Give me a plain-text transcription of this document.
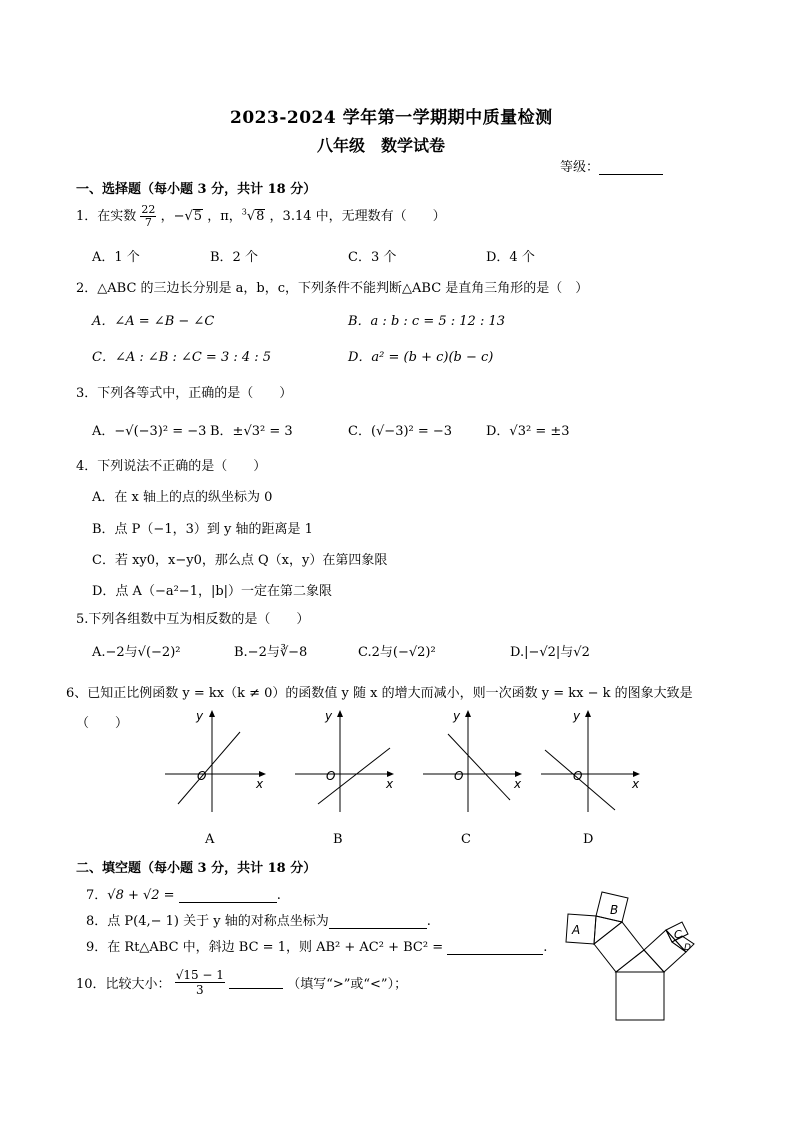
2023-2024 学年第一学期期中质量检测
八年级　数学试卷
等级：
一、选择题（每小题 3 分，共计 18 分）
1．在实数 $\frac{22}{7}$ ，−√5 ，π，$^3$√8 ，3.14 中，无理数有（　　）
A．1 个	B．2 个	C．3 个	D．4 个
2．△ABC 的三边长分别是 a，b，c，下列条件不能判断△ABC 是直角三角形的是（　）
A．∠A = ∠B − ∠C	B．a : b : c = 5 : 12 : 13
C．∠A : ∠B : ∠C = 3 : 4 : 5	D．a² = (b + c)(b − c)
3．下列各等式中，正确的是（　　）
A．−√(−3)² = −3 B．±√3² = 3	C．(√−3)² = −3	D．√3² = ±3
4．下列说法不正确的是（　　）
A．在 x 轴上的点的纵坐标为 0
B．点 P（−1，3）到 y 轴的距离是 1
C．若 xy0，x−y0，那么点 Q（x，y）在第四象限
D．点 A（−a²−1，|b|）一定在第二象限
5.下列各组数中互为相反数的是（　　）
A.−2与√(−2)²	B.−2与∛−8	C.2与(−√2)²	D.|−√2|与√2
6、已知正比例函数 y = kx（k ≠ 0）的函数值 y 随 x 的增大而减小，则一次函数 y = kx − k 的图象大致是
（　　）	y
x
O
y
x
O
y
x
O
y
x
O
A	B	C	D
二、填空题（每小题 3 分，共计 18 分）
7．√8 + √2 =	.
8．点 P(4,− 1) 关于 y 轴的对称点坐标为	.
9．在 Rt△ABC 中，斜边 BC = 1，则 AB² + AC² + BC² =	.
10．比较大小： $\frac{√15 - 1}{3}$	（填写“>”或“<”）；
A
B
C
D
